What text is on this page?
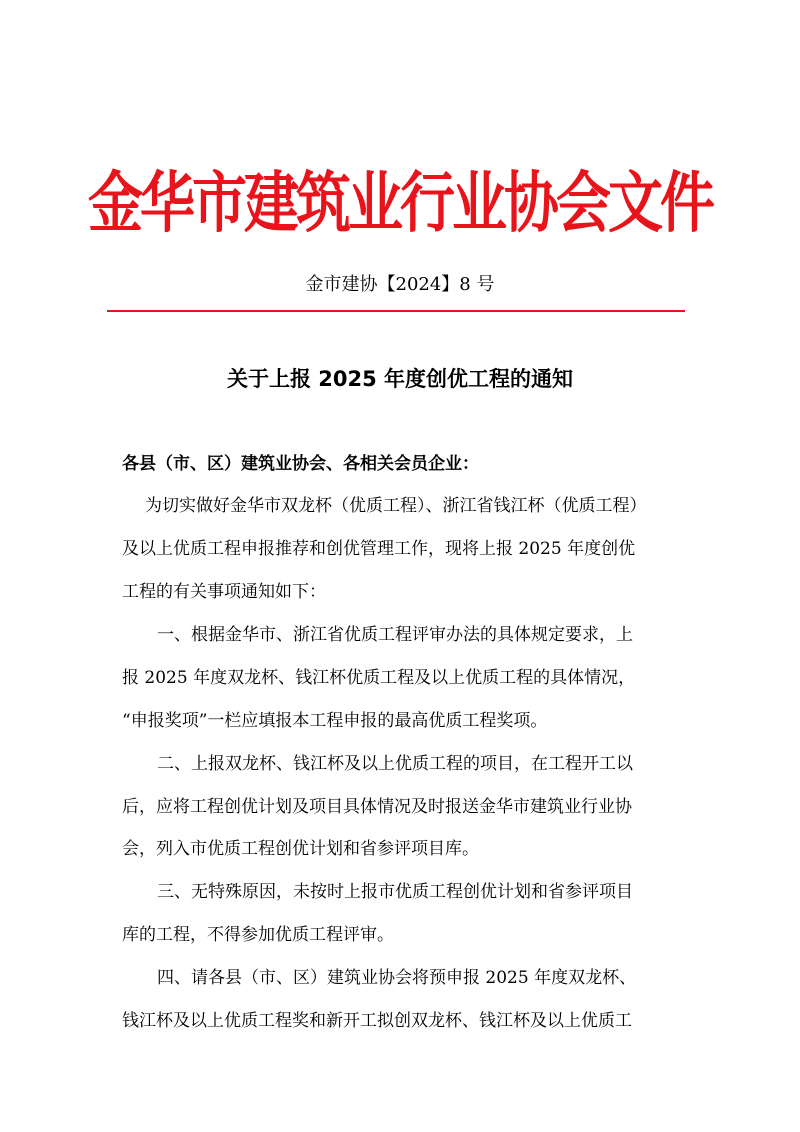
金华市建筑业行业协会文件
金市建协【2024】8 号
关于上报 2025 年度创优工程的通知
各县（市、区）建筑业协会、各相关会员企业：
为切实做好金华市双龙杯（优质工程）、浙江省钱江杯（优质工程）
及以上优质工程申报推荐和创优管理工作，现将上报 2025 年度创优
工程的有关事项通知如下：
一、根据金华市、浙江省优质工程评审办法的具体规定要求，上
报 2025 年度双龙杯、钱江杯优质工程及以上优质工程的具体情况，
“申报奖项”一栏应填报本工程申报的最高优质工程奖项。
二、上报双龙杯、钱江杯及以上优质工程的项目，在工程开工以
后，应将工程创优计划及项目具体情况及时报送金华市建筑业行业协
会，列入市优质工程创优计划和省参评项目库。
三、无特殊原因，未按时上报市优质工程创优计划和省参评项目
库的工程，不得参加优质工程评审。
四、请各县（市、区）建筑业协会将预申报 2025 年度双龙杯、
钱江杯及以上优质工程奖和新开工拟创双龙杯、钱江杯及以上优质工
